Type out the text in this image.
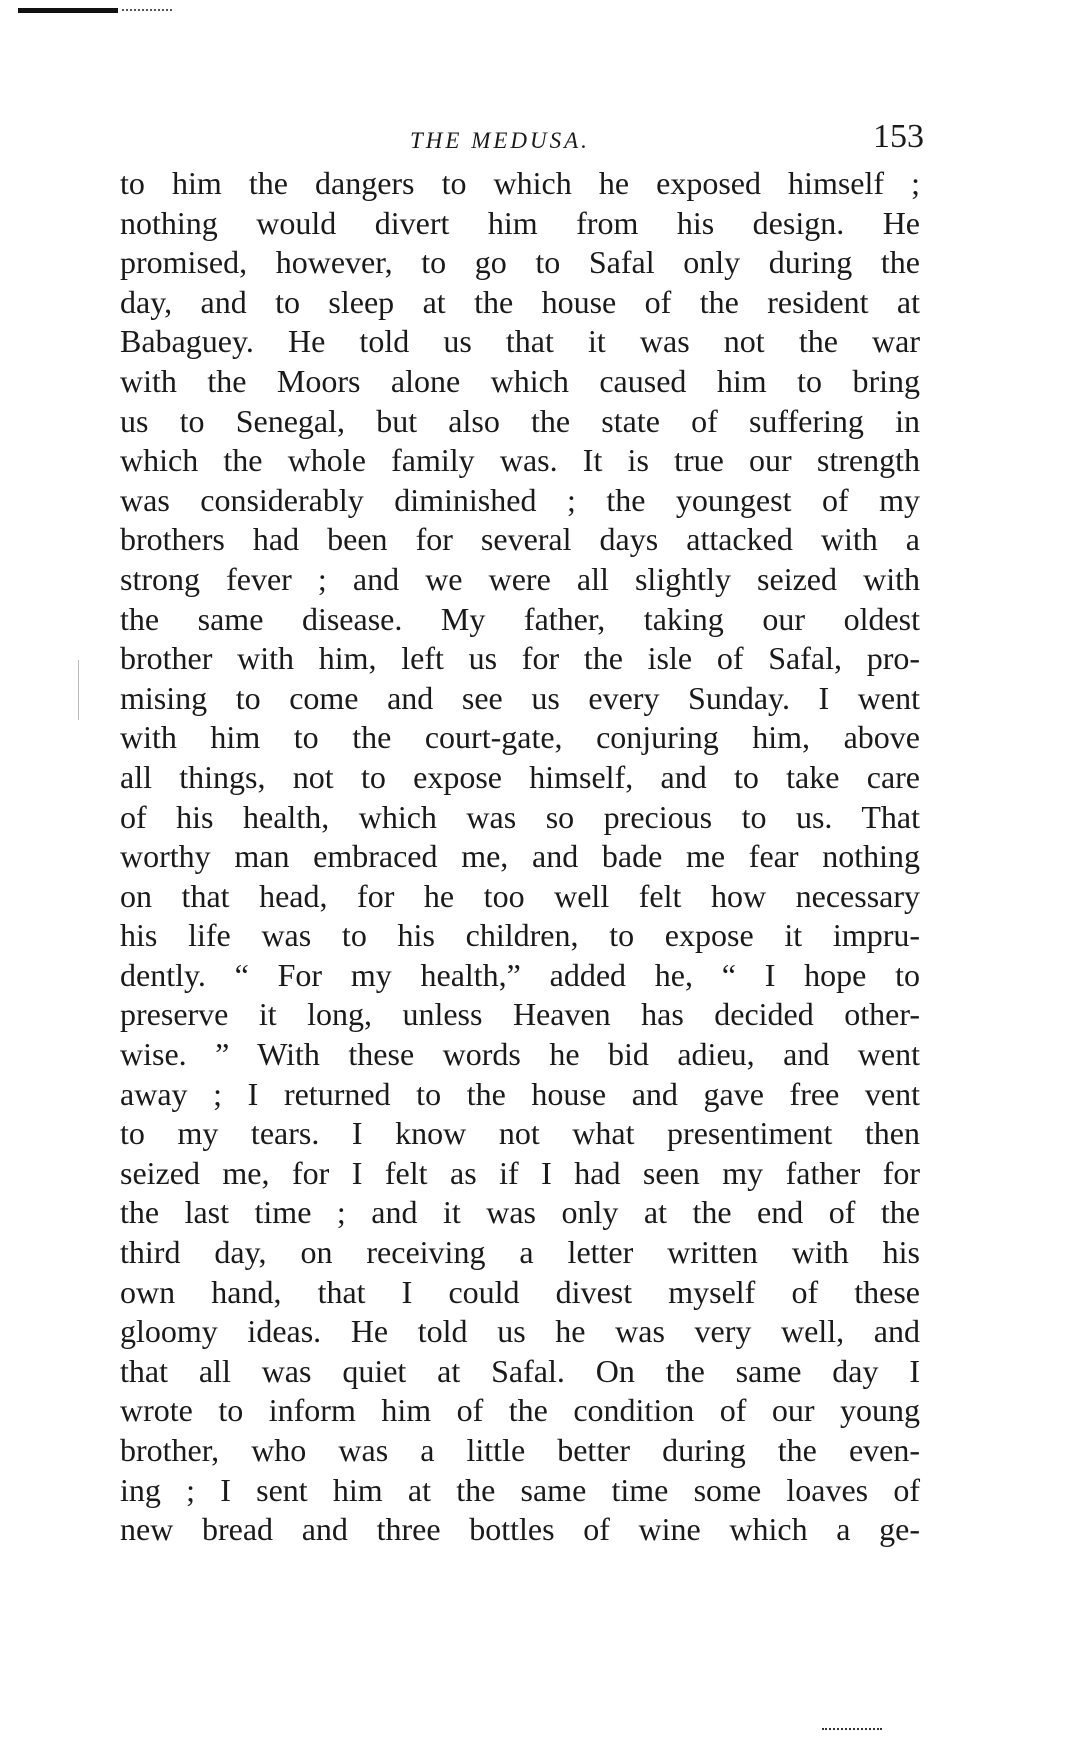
THE MEDUSA.	153
to him the dangers to which he exposed himself ;
nothing would divert him from his design. He
promised, however, to go to Safal only during the
day, and to sleep at the house of the resident at
Babaguey. He told us that it was not the war
with the Moors alone which caused him to bring
us to Senegal, but also the state of suffering in
which the whole family was. It is true our strength
was considerably diminished ; the youngest of my
brothers had been for several days attacked with a
strong fever ; and we were all slightly seized with
the same disease. My father, taking our oldest
brother with him, left us for the isle of Safal, pro-
mising to come and see us every Sunday. I went
with him to the court-gate, conjuring him, above
all things, not to expose himself, and to take care
of his health, which was so precious to us. That
worthy man embraced me, and bade me fear nothing
on that head, for he too well felt how necessary
his life was to his children, to expose it impru-
dently. “ For my health,” added he, “ I hope to
preserve it long, unless Heaven has decided other-
wise. ” With these words he bid adieu, and went
away ; I returned to the house and gave free vent
to my tears. I know not what presentiment then
seized me, for I felt as if I had seen my father for
the last time ; and it was only at the end of the
third day, on receiving a letter written with his
own hand, that I could divest myself of these
gloomy ideas. He told us he was very well, and
that all was quiet at Safal. On the same day I
wrote to inform him of the condition of our young
brother, who was a little better during the even-
ing ; I sent him at the same time some loaves of
new bread and three bottles of wine which a ge-
